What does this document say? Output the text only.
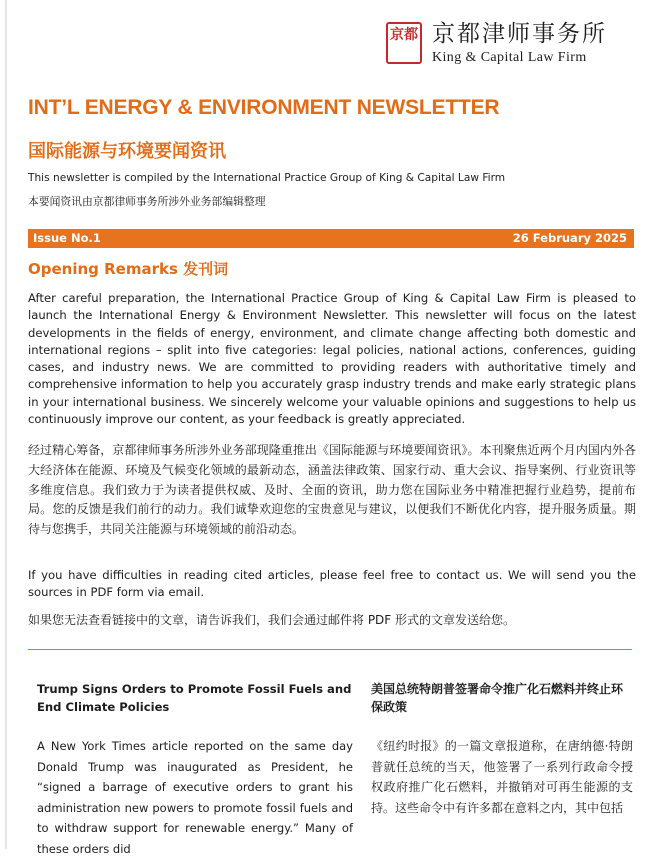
京都 京都津师事务所
King & Capital Law Firm
INT’L ENERGY & ENVIRONMENT NEWSLETTER
国际能源与环境要闻资讯
This newsletter is compiled by the International Practice Group of King & Capital Law Firm
本要闻资讯由京都律师事务所涉外业务部编辑整理
Issue No.1	26 February 2025
Opening Remarks 发刊词

After careful preparation, the International Practice Group of King & Capital Law Firm is pleased to launch the International Energy & Environment Newsletter. This newsletter will focus on the latest developments in the fields of energy, environment, and climate change affecting both domestic and international regions – split into five categories: legal policies, national actions, conferences, guiding cases, and industry news. We are committed to providing readers with authoritative timely and comprehensive information to help you accurately grasp industry trends and make early strategic plans in your international business. We sincerely welcome your valuable opinions and suggestions to help us continuously improve our content, as your feedback is greatly appreciated.

经过精心筹备，京都律师事务所涉外业务部现隆重推出《国际能源与环境要闻资讯》。本刊聚焦近两个月内国内外各大经济体在能源、环境及气候变化领域的最新动态，涵盖法律政策、国家行动、重大会议、指导案例、行业资讯等多维度信息。我们致力于为读者提供权威、及时、全面的资讯，助力您在国际业务中精准把握行业趋势，提前布局。您的反馈是我们前行的动力。我们诚挚欢迎您的宝贵意见与建议，以便我们不断优化内容，提升服务质量。期待与您携手，共同关注能源与环境领域的前沿动态。

If you have difficulties in reading cited articles, please feel free to contact us. We will send you the sources in PDF form via email.

如果您无法查看链接中的文章，请告诉我们，我们会通过邮件将 PDF 形式的文章发送给您。

Trump Signs Orders to Promote Fossil Fuels and End Climate Policies

美国总统特朗普签署命令推广化石燃料并终止环保政策

A New York Times article reported on the same day Donald Trump was inaugurated as President, he “signed a barrage of executive orders to grant his administration new powers to promote fossil fuels and to withdraw support for renewable energy.” Many of these orders did

《纽约时报》的一篇文章报道称，在唐纳德·特朗普就任总统的当天，他签署了一系列行政命令授权政府推广化石燃料，并撤销对可再生能源的支持。这些命令中有许多都在意料之内，其中包括
